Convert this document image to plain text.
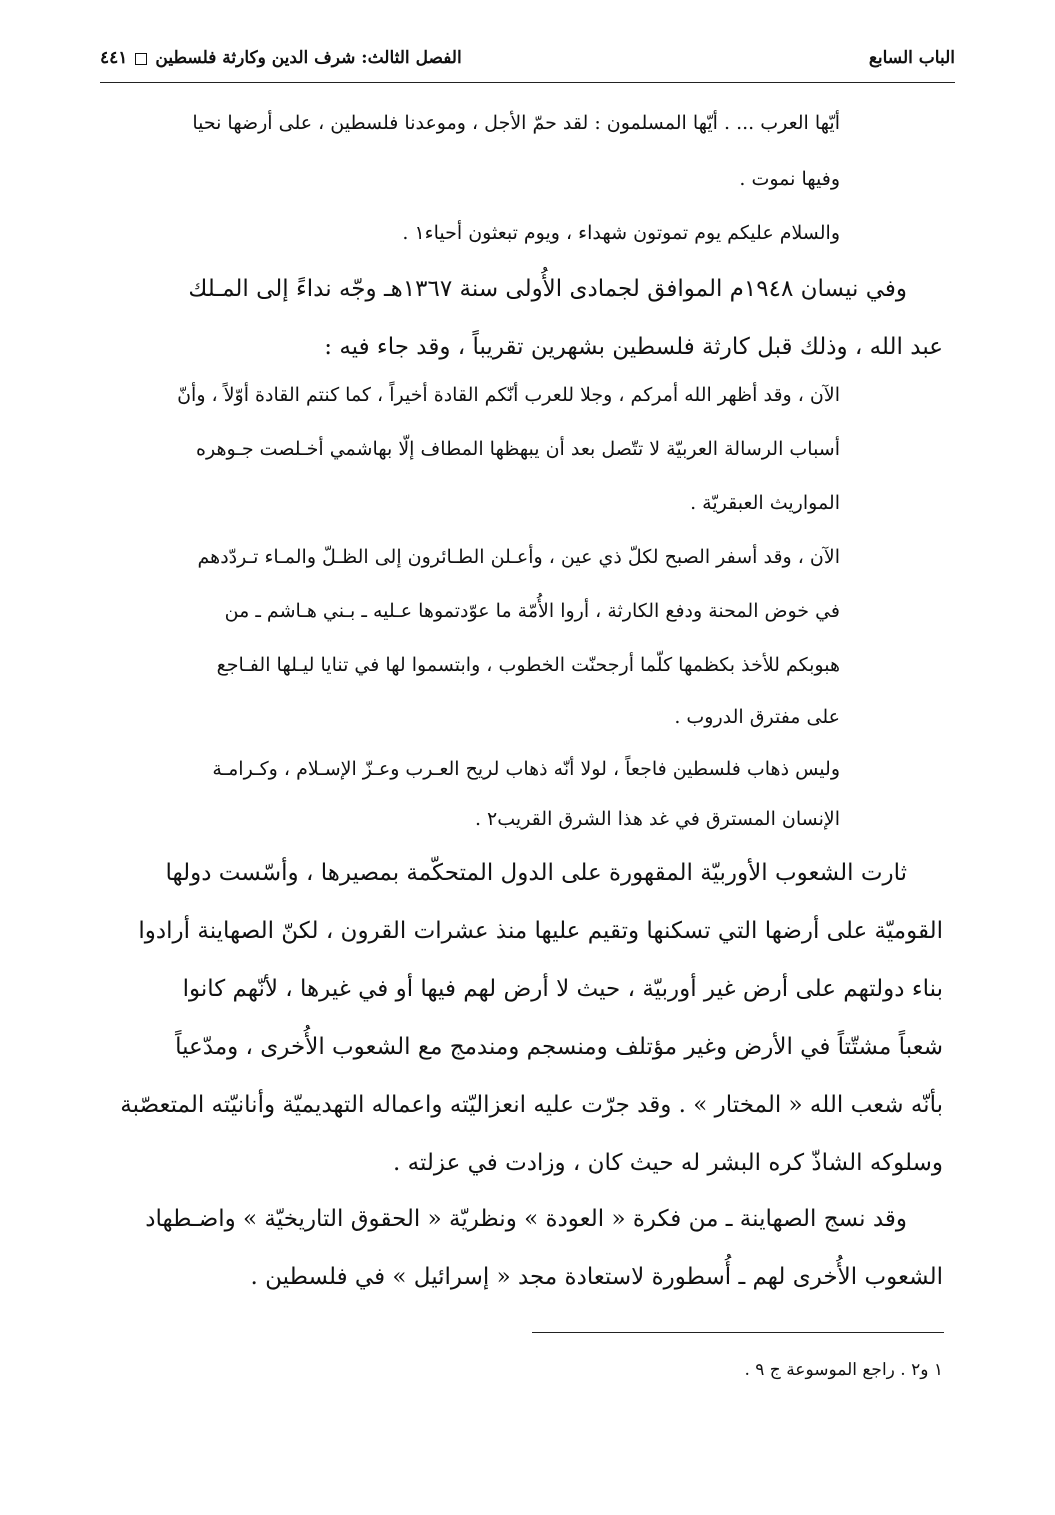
الباب السابع
الفصل الثالث: شرف الدين وكارثة فلسطين٤٤١
أيّها العرب ... . أيّها المسلمون : لقد حمّ الأجل ، وموعدنا فلسطين ، على أرضها نحيا
وفيها نموت .
والسلام عليكم يوم تموتون شهداء ، ويوم تبعثون أحياء١ .
وفي نيسان ١٩٤٨م الموافق لجمادى الأُولى سنة ١٣٦٧هـ وجّه نداءً إلى المـلك
عبد الله ، وذلك قبل كارثة فلسطين بشهرين تقريباً ، وقد جاء فيه :
الآن ، وقد أظهر الله أمركم ، وجلا للعرب أنّكم القادة أخيراً ، كما كنتم القادة أوّلاً ، وأنّ
أسباب الرسالة العربيّة لا تتّصل بعد أن يبهظها المطاف إلّا بهاشمي أخـلصت جـوهره
المواريث العبقريّة .
الآن ، وقد أسفر الصبح لكلّ ذي عين ، وأعـلن الطـائرون إلى الظـلّ والمـاء تـردّدهم
في خوض المحنة ودفع الكارثة ، أروا الأُمّة ما عوّدتموها عـليه ـ بـني هـاشم ـ من
هبوبكم للأخذ بكظمها كلّما أرجحنّت الخطوب ، وابتسموا لها في تنايا ليـلها الفـاجع
على مفترق الدروب .
وليس ذهاب فلسطين فاجعاً ، لولا أنّه ذهاب لريح العـرب وعـزّ الإسـلام ، وكـرامـة
الإنسان المسترق في غد هذا الشرق القريب٢ .
ثارت الشعوب الأوربيّة المقهورة على الدول المتحكّمة بمصيرها ، وأسّست دولها
القوميّة على أرضها التي تسكنها وتقيم عليها منذ عشرات القرون ، لكنّ الصهاينة أرادوا
بناء دولتهم على أرض غير أوربيّة ، حيث لا أرض لهم فيها أو في غيرها ، لأنّهم كانوا
شعباً مشتّتاً في الأرض وغير مؤتلف ومنسجم ومندمج مع الشعوب الأُخرى ، ومدّعياً
بأنّه شعب الله « المختار » . وقد جرّت عليه انعزاليّته واعماله التهديميّة وأنانيّته المتعصّبة
وسلوكه الشاذّ كره البشر له حيث كان ، وزادت في عزلته .
وقد نسج الصهاينة ـ من فكرة « العودة » ونظريّة « الحقوق التاريخيّة » واضـطهاد
الشعوب الأُخرى لهم ـ أُسطورة لاستعادة مجد « إسرائيل » في فلسطين .
١ و٢ . راجع الموسوعة ج ٩ .
